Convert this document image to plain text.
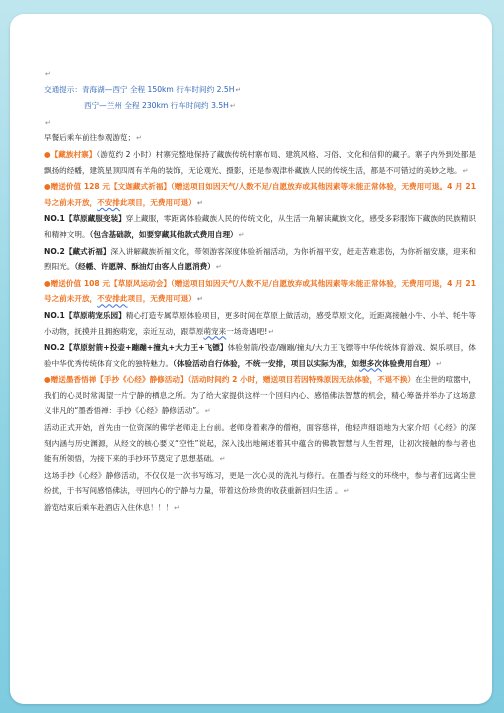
↵
交通提示：青海湖—西宁 全程 150km 行车时间约 2.5H↵
西宁—兰州 全程 230km 行车时间约 3.5H↵
↵
早餐后乘车前往参观游览；↵
●【藏族村寨】（游览约 2 小时）村寨完整地保持了藏族传统村寨布局、建筑风格、习俗、文化和信仰的藏子。寨子内外到处都是飘扬的经幡，建筑星顶四周有羊角的装饰，无论观光、摄影，还是参观津朴藏族人民的传统生活，都是不可错过的美妙之地。↵
●赠送价值 128 元【文迦藏式祈福】（赠送项目如因天气/人数不足/自愿放弃或其他因素等未能正常体验，无费用可退。4 月 21 号之前未开放，不安排此项目，无费用可退）↵
NO.1【草原藏服变装】穿上藏服，零距离体验藏族人民的传统文化，从生活一角解读藏族文化，感受多彩服饰下藏族的民族精识和精神文明。（包含基础款，如要穿藏其他款式费用自理）↵
NO.2【藏式祈福】深入讲解藏族祈福文化，带领游客深度体验祈福活动，为你祈福平安，赶走苦难悲伤，为你祈福安康，迎来和煦阳光。（经幡、许愿牌、酥油灯由客人自愿消费）↵
●赠送价值 108 元【草原风运动会】（赠送项目如因天气/人数不足/自愿放弃或其他因素等未能正常体验，无费用可退，4 月 21 号之前未开放，不安排此项目，无费用可退）↵
NO.1【草原萌宠乐园】精心打造专属草原体验项目，更多时间在草原上做活动，感受草原文化，近距离接触小牛、小羊、牦牛等小动物，抚摸并且拥抱萌宠，亲近互动，跟草原萌宠来一场奇遇吧!↵
NO.2【草原射箭+投壶+蹦蹦+撞丸+大力王+飞镖】体验射箭/投壶/蹦蹦/撞丸/大力王飞镖等中华传统体育游戏、娱乐项目，体验中华优秀传统体育文化的独特魅力。（体验活动自行体验，不统一安排，项目以实际为准，如想多次体验费用自理）↵
●赠送墨香悟禅【手抄《心经》静修活动】（活动时间约 2 小时，赠送项目若因特殊原因无法体验，不退不换）在尘世的喧嚣中，我们的心灵时常渴望一片宁静的栖息之所。为了给大家提供这样一个回归内心、感悟佛法智慧的机会，精心筹备并举办了这场意义非凡的“墨香悟禅：手抄《心经》静修活动”。↵
活动正式开始，首先由一位资深的佛学老师走上台前。老师身着素净的僧袍，面容慈祥，他轻声细语地为大家介绍《心经》的深刻内涵与历史渊源，从经文的核心要义“空性”说起，深入浅出地阐述着其中蕴含的佛教智慧与人生哲理，让初次接触的参与者也能有所领悟，为接下来的手抄环节奠定了思想基础。↵
这场手抄《心经》静修活动，不仅仅是一次书写练习，更是一次心灵的洗礼与修行。在墨香与经文的环绕中，参与者们远离尘世纷扰，于书写间感悟佛法，寻回内心的宁静与力量，带着这份珍贵的收获重新回归生活 。↵
游览结束后乘车赴酒店入住休息！！！↵
